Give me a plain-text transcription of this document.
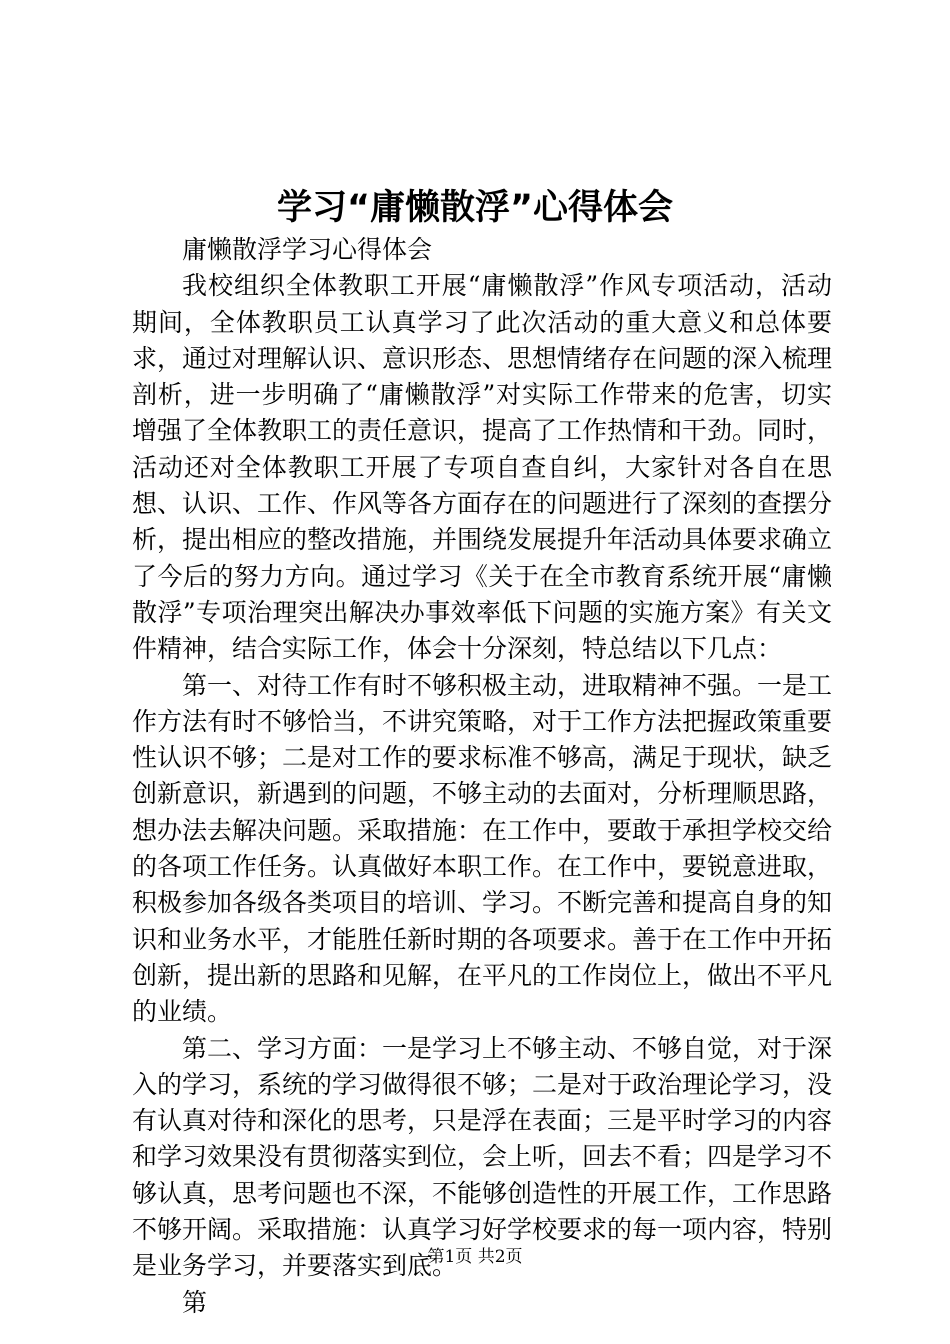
学习“庸懒散浮”心得体会

庸懒散浮学习心得体会

我校组织全体教职工开展“庸懒散浮”作风专项活动，活动期间，全体教职员工认真学习了此次活动的重大意义和总体要求，通过对理解认识、意识形态、思想情绪存在问题的深入梳理剖析，进一步明确了“庸懒散浮”对实际工作带来的危害，切实增强了全体教职工的责任意识，提高了工作热情和干劲。同时，活动还对全体教职工开展了专项自查自纠，大家针对各自在思想、认识、工作、作风等各方面存在的问题进行了深刻的查摆分析，提出相应的整改措施，并围绕发展提升年活动具体要求确立了今后的努力方向。通过学习《关于在全市教育系统开展“庸懒散浮”专项治理突出解决办事效率低下问题的实施方案》有关文件精神，结合实际工作，体会十分深刻，特总结以下几点：

第一、对待工作有时不够积极主动，进取精神不强。一是工作方法有时不够恰当，不讲究策略，对于工作方法把握政策重要性认识不够；二是对工作的要求标准不够高，满足于现状，缺乏创新意识，新遇到的问题，不够主动的去面对，分析理顺思路，想办法去解决问题。采取措施：在工作中，要敢于承担学校交给的各项工作任务。认真做好本职工作。在工作中，要锐意进取，积极参加各级各类项目的培训、学习。不断完善和提高自身的知识和业务水平，才能胜任新时期的各项要求。善于在工作中开拓创新，提出新的思路和见解，在平凡的工作岗位上，做出不平凡的业绩。

第二、学习方面：一是学习上不够主动、不够自觉，对于深入的学习，系统的学习做得很不够；二是对于政治理论学习，没有认真对待和深化的思考，只是浮在表面；三是平时学习的内容和学习效果没有贯彻落实到位，会上听，回去不看；四是学习不够认真，思考问题也不深，不能够创造性的开展工作，工作思路不够开阔。采取措施：认真学习好学校要求的每一项内容，特别是业务学习，并要落实到底。

第

第1页 共2页
